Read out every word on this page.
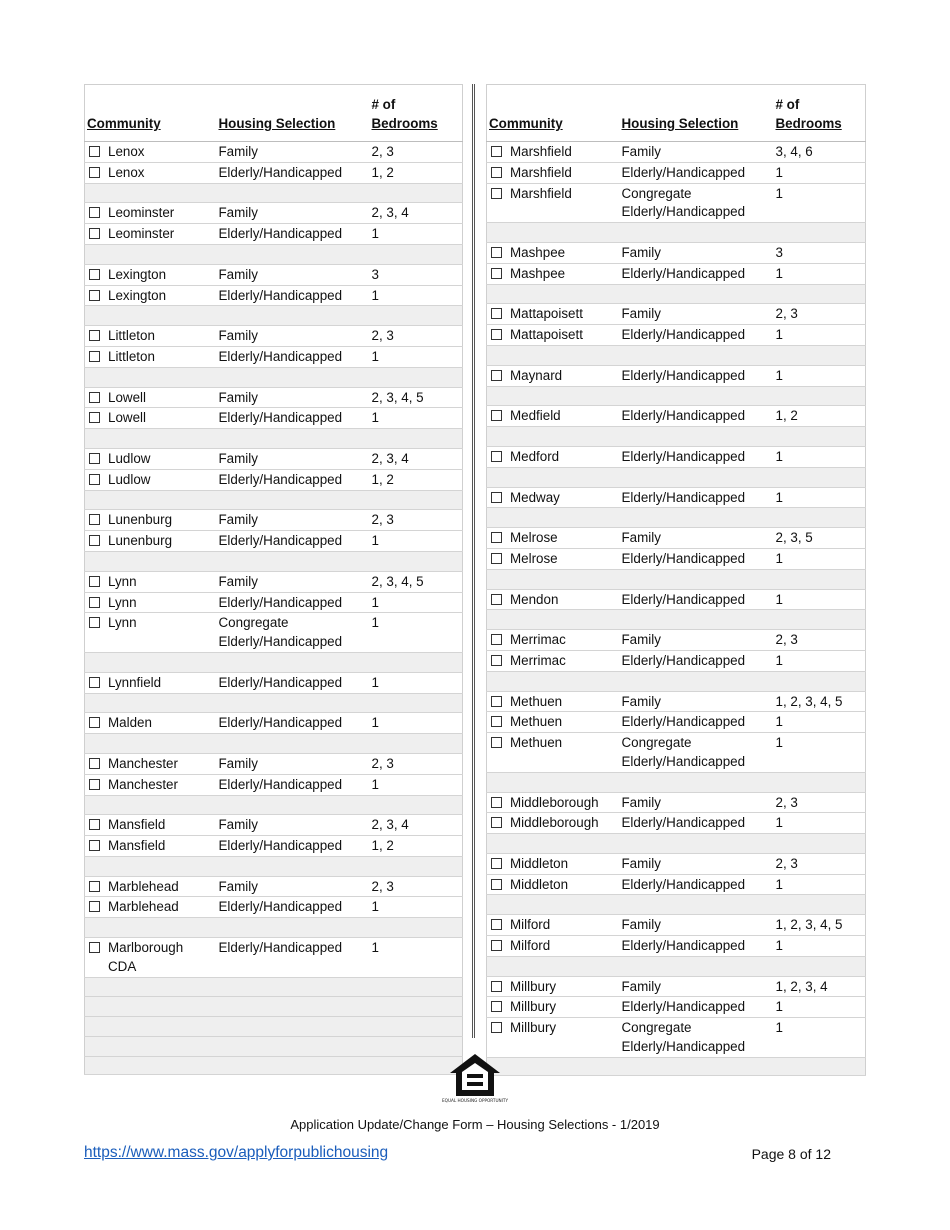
Community	Housing Selection	# of
Bedrooms

Lenox	Family	2, 3

Lenox	Elderly/Handicapped	1, 2

Leominster	Family	2, 3, 4

Leominster	Elderly/Handicapped	1

Lexington	Family	3

Lexington	Elderly/Handicapped	1

Littleton	Family	2, 3

Littleton	Elderly/Handicapped	1

Lowell	Family	2, 3, 4, 5

Lowell	Elderly/Handicapped	1

Ludlow	Family	2, 3, 4

Ludlow	Elderly/Handicapped	1, 2

Lunenburg	Family	2, 3

Lunenburg	Elderly/Handicapped	1

Lynn	Family	2, 3, 4, 5

Lynn	Elderly/Handicapped	1

Lynn	Congregate Elderly/Handicapped	1

Lynnfield	Elderly/Handicapped	1

Malden	Elderly/Handicapped	1

Manchester	Family	2, 3

Manchester	Elderly/Handicapped	1

Mansfield	Family	2, 3, 4

Mansfield	Elderly/Handicapped	1, 2

Marblehead	Family	2, 3

Marblehead	Elderly/Handicapped	1

Marlborough CDA	Elderly/Handicapped	1

Community	Housing Selection	# of
Bedrooms

Marshfield	Family	3, 4, 6

Marshfield	Elderly/Handicapped	1

Marshfield	Congregate Elderly/Handicapped	1

Mashpee	Family	3

Mashpee	Elderly/Handicapped	1

Mattapoisett	Family	2, 3

Mattapoisett	Elderly/Handicapped	1

Maynard	Elderly/Handicapped	1

Medfield	Elderly/Handicapped	1, 2

Medford	Elderly/Handicapped	1

Medway	Elderly/Handicapped	1

Melrose	Family	2, 3, 5

Melrose	Elderly/Handicapped	1

Mendon	Elderly/Handicapped	1

Merrimac	Family	2, 3

Merrimac	Elderly/Handicapped	1

Methuen	Family	1, 2, 3, 4, 5

Methuen	Elderly/Handicapped	1

Methuen	Congregate Elderly/Handicapped	1

Middleborough	Family	2, 3

Middleborough	Elderly/Handicapped	1

Middleton	Family	2, 3

Middleton	Elderly/Handicapped	1

Milford	Family	1, 2, 3, 4, 5

Milford	Elderly/Handicapped	1

Millbury	Family	1, 2, 3, 4

Millbury	Elderly/Handicapped	1

Millbury	Congregate Elderly/Handicapped	1

EQUAL HOUSING OPPORTUNITY
Application Update/Change Form – Housing Selections - 1/2019
https://www.mass.gov/applyforpublichousing	Page 8 of 12
